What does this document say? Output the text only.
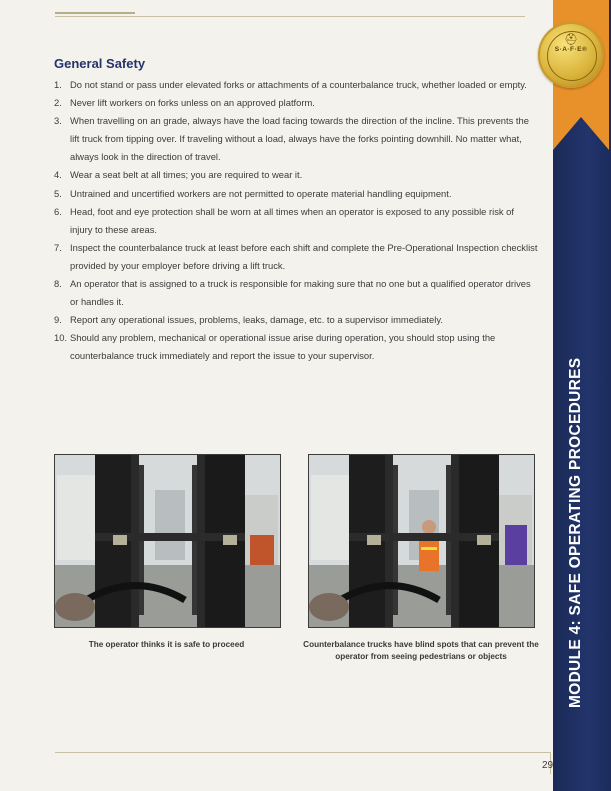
⛑
S·A·F·E®
MODULE 4: SAFE OPERATING PROCEDURES
General Safety
1. Do not stand or pass under elevated forks or attachments of a counterbalance truck, whether loaded or empty.
2. Never lift workers on forks unless on an approved platform.
3. When travelling on an grade, always have the load facing towards the direction of the incline. This prevents the lift truck from tipping over. If traveling without a load, always have the forks pointing downhill. No matter what, always look in the direction of travel.
4. Wear a seat belt at all times; you are required to wear it.
5. Untrained and uncertified workers are not permitted to operate material handling equipment.
6. Head, foot and eye protection shall be worn at all times when an operator is exposed to any possible risk of injury to these areas.
7. Inspect the counterbalance truck at least before each shift and complete the Pre-Operational Inspection checklist provided by your employer before driving a lift truck.
8. An operator that is assigned to a truck is responsible for making sure that no one but a qualified operator drives or handles it.
9. Report any operational issues, problems, leaks, damage, etc. to a supervisor immediately.
10. Should any problem, mechanical or operational issue arise during operation, you should stop using the counterbalance truck immediately and report the issue to your supervisor.
The operator thinks it is safe to proceed	Counterbalance trucks have blind spots that can prevent the operator from seeing pedestrians or objects
29
